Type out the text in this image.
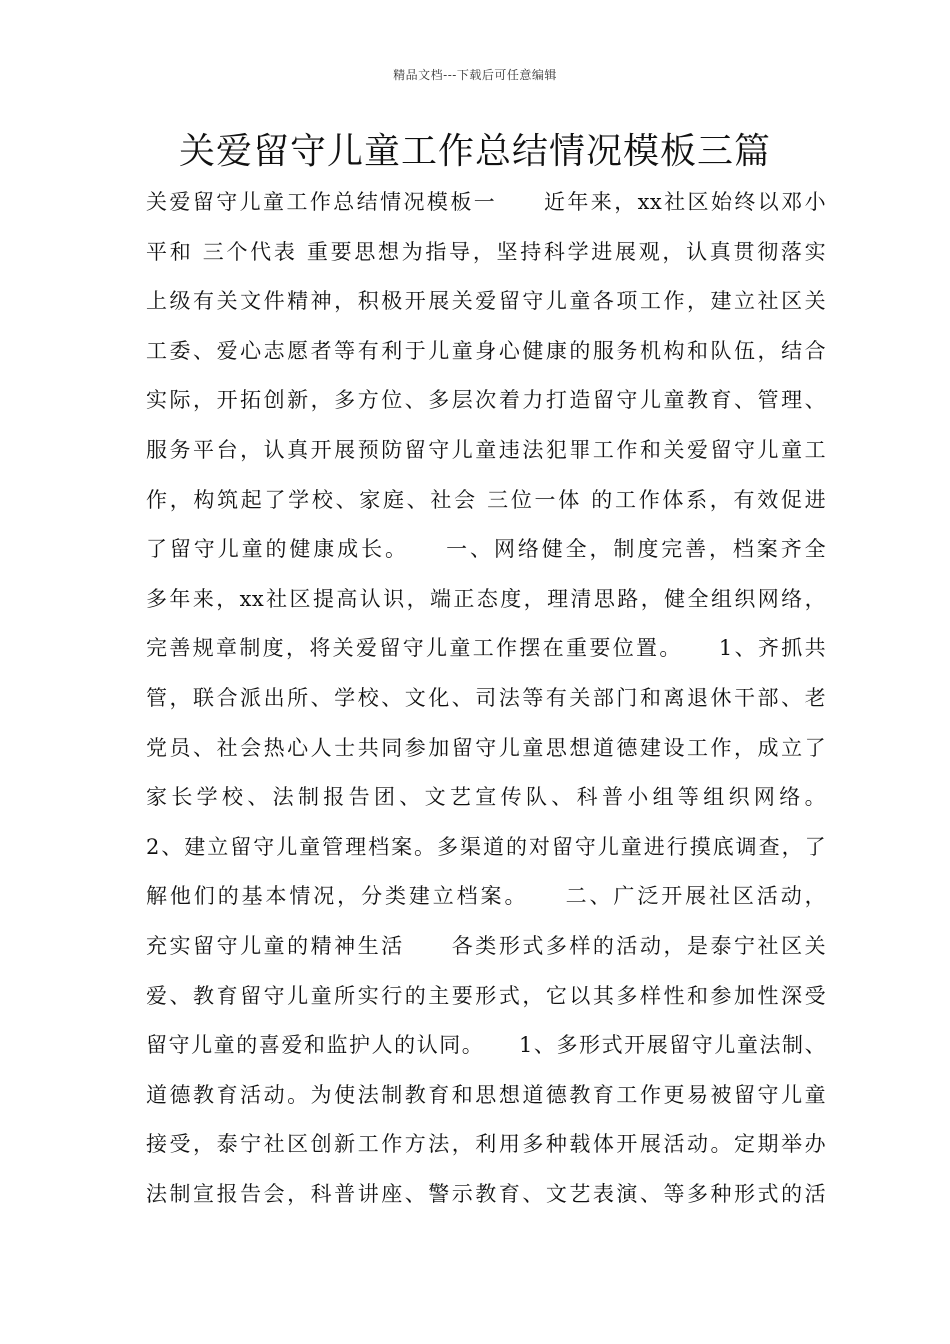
精品文档---下载后可任意编辑
关爱留守儿童工作总结情况模板三篇
关爱留守儿童工作总结情况模板一　　近年来，xx社区始终以邓小
平和 三个代表 重要思想为指导，坚持科学进展观，认真贯彻落实
上级有关文件精神，积极开展关爱留守儿童各项工作，建立社区关
工委、爱心志愿者等有利于儿童身心健康的服务机构和队伍，结合
实际，开拓创新，多方位、多层次着力打造留守儿童教育、管理、
服务平台，认真开展预防留守儿童违法犯罪工作和关爱留守儿童工
作，构筑起了学校、家庭、社会 三位一体 的工作体系，有效促进
了留守儿童的健康成长。　　一、网络健全，制度完善，档案齐全
多年来，xx社区提高认识，端正态度，理清思路，健全组织网络，
完善规章制度，将关爱留守儿童工作摆在重要位置。　　1、齐抓共
管，联合派出所、学校、文化、司法等有关部门和离退休干部、老
党员、社会热心人士共同参加留守儿童思想道德建设工作，成立了
家长学校、法制报告团、文艺宣传队、科普小组等组织网络。
2、建立留守儿童管理档案。多渠道的对留守儿童进行摸底调查，了
解他们的基本情况，分类建立档案。　　二、广泛开展社区活动，
充实留守儿童的精神生活　　各类形式多样的活动，是泰宁社区关
爱、教育留守儿童所实行的主要形式，它以其多样性和参加性深受
留守儿童的喜爱和监护人的认同。　　1、多形式开展留守儿童法制、
道德教育活动。为使法制教育和思想道德教育工作更易被留守儿童
接受，泰宁社区创新工作方法，利用多种载体开展活动。定期举办
法制宣报告会，科普讲座、警示教育、文艺表演、等多种形式的活
